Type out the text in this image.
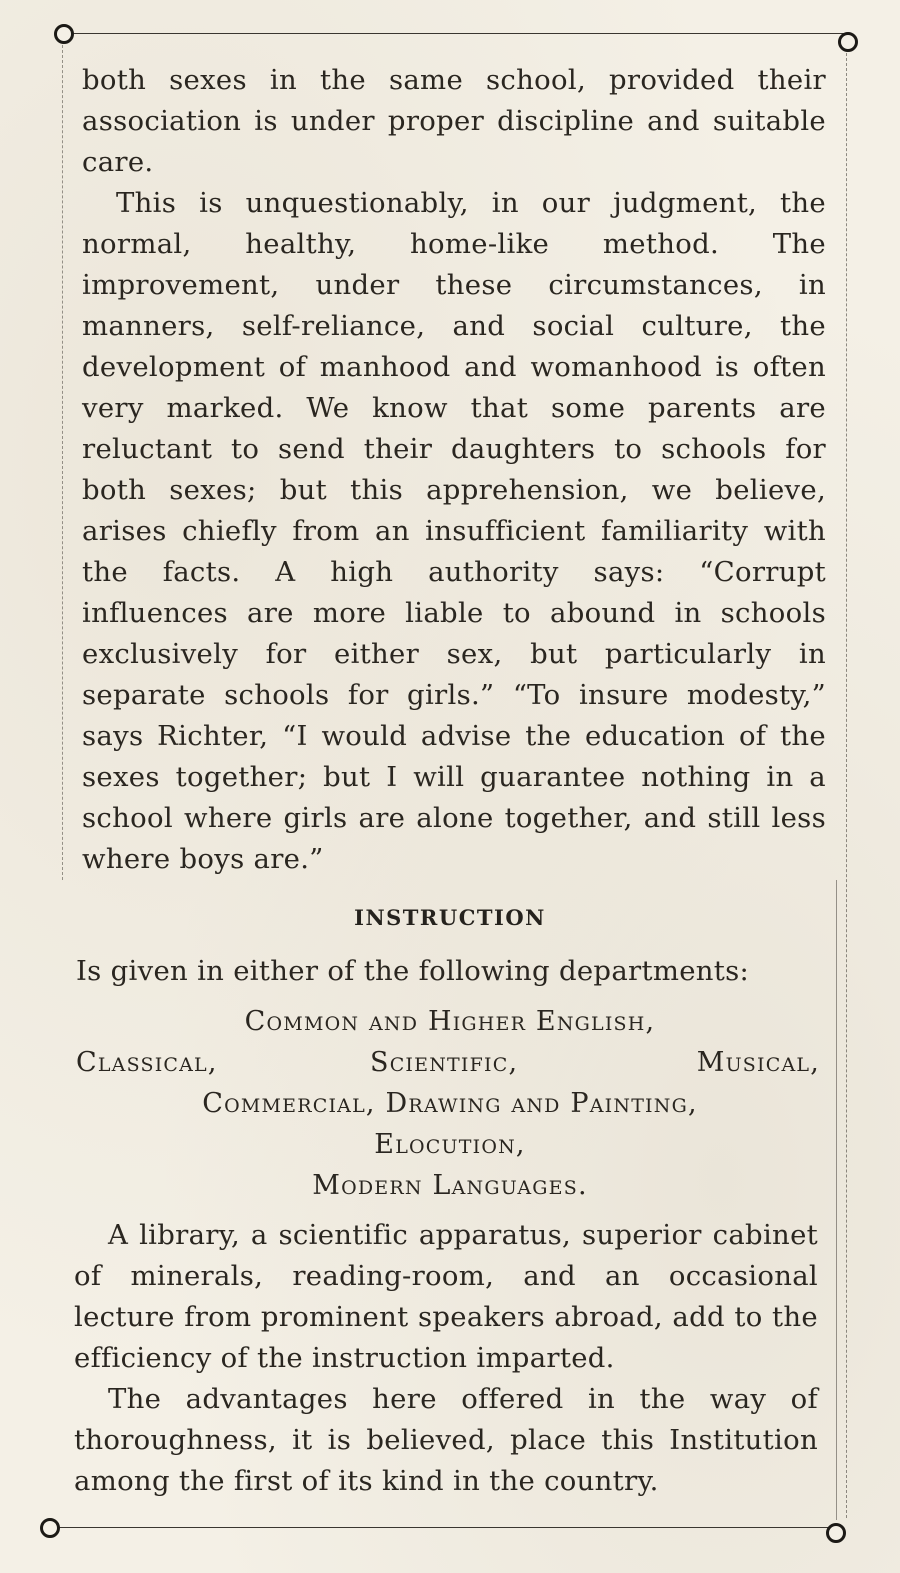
both sexes in the same school, provided their association is under proper discipline and suitable care.

This is unquestionably, in our judgment, the normal, healthy, home-like method. The improvement, under these circumstances, in manners, self-reliance, and social culture, the development of manhood and womanhood is often very marked. We know that some parents are reluctant to send their daughters to schools for both sexes; but this apprehension, we believe, arises chiefly from an insufficient familiarity with the facts. A high authority says: “Corrupt influences are more liable to abound in schools exclusively for either sex, but particularly in separate schools for girls.” “To insure modesty,” says Richter, “I would advise the education of the sexes together; but I will guarantee nothing in a school where girls are alone together, and still less where boys are.”

INSTRUCTION
Is given in either of the following departments:
Common and Higher English,
Classical,	Scientific,	Musical,
Commercial, Drawing and Painting,
Elocution,
Modern Languages.

A library, a scientific apparatus, superior cabinet of minerals, reading-room, and an occasional lecture from prominent speakers abroad, add to the efficiency of the instruction imparted.

The advantages here offered in the way of thoroughness, it is believed, place this Institution among the first of its kind in the country.
